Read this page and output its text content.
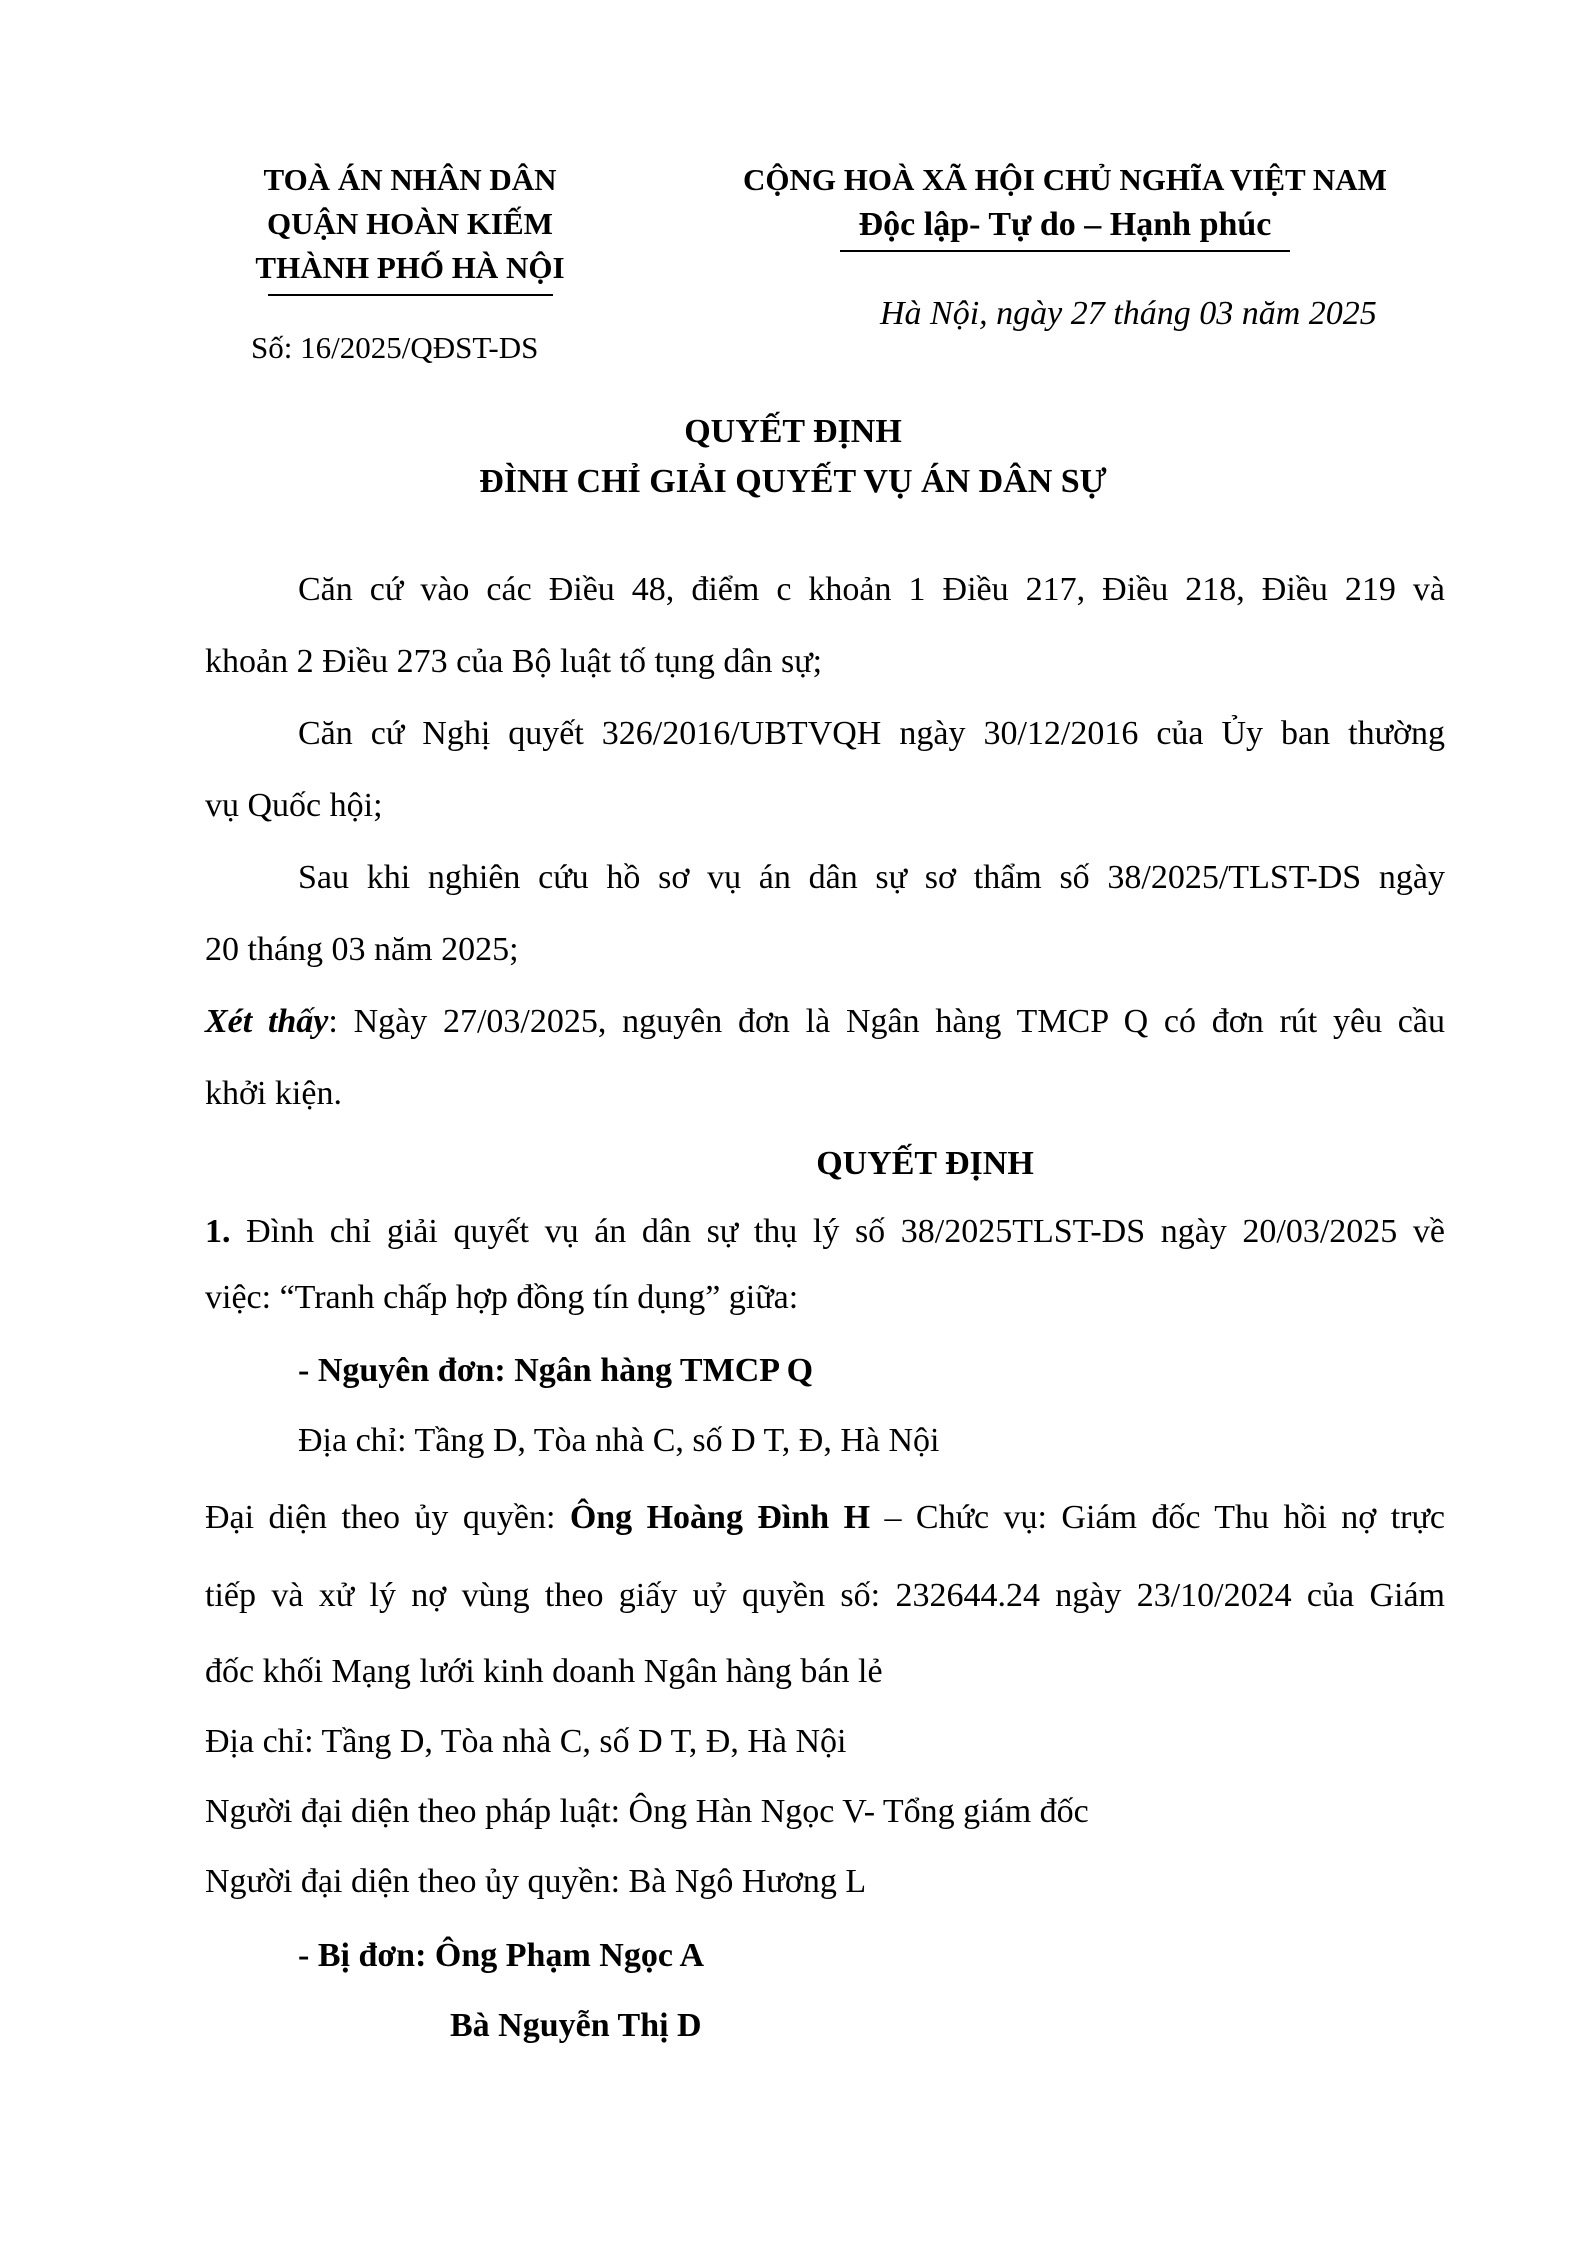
TOÀ ÁN NHÂN DÂN
QUẬN HOÀN KIẾM
THÀNH PHỐ HÀ NỘI
Số: 16/2025/QĐST-DS
CỘNG HOÀ XÃ HỘI CHỦ NGHĨA VIỆT NAM
Độc lập- Tự do – Hạnh phúc
Hà Nội, ngày 27 tháng 03 năm 2025
QUYẾT ĐỊNH
ĐÌNH CHỈ GIẢI QUYẾT VỤ ÁN DÂN SỰ
Căn cứ vào các Điều 48, điểm c khoản 1 Điều 217, Điều 218, Điều 219 và
khoản 2 Điều 273 của Bộ luật tố tụng dân sự;
Căn cứ Nghị quyết 326/2016/UBTVQH ngày 30/12/2016 của Ủy ban thường
vụ Quốc hội;
Sau khi nghiên cứu hồ sơ vụ án dân sự sơ thẩm số 38/2025/TLST-DS ngày
20 tháng 03 năm 2025;
Xét thấy: Ngày 27/03/2025, nguyên đơn là Ngân hàng TMCP Q có đơn rút yêu cầu
khởi kiện.
QUYẾT ĐỊNH
1. Đình chỉ giải quyết vụ án dân sự thụ lý số 38/2025TLST-DS ngày 20/03/2025 về
việc: “Tranh chấp hợp đồng tín dụng” giữa:
- Nguyên đơn: Ngân hàng TMCP Q
Địa chỉ: Tầng D, Tòa nhà C, số D T, Đ, Hà Nội
Đại diện theo ủy quyền: Ông Hoàng Đình H – Chức vụ: Giám đốc Thu hồi nợ trực
tiếp và xử lý nợ vùng theo giấy uỷ quyền số: 232644.24 ngày 23/10/2024 của Giám
đốc khối Mạng lưới kinh doanh Ngân hàng bán lẻ
Địa chỉ: Tầng D, Tòa nhà C, số D T, Đ, Hà Nội
Người đại diện theo pháp luật: Ông Hàn Ngọc V- Tổng giám đốc
Người đại diện theo ủy quyền: Bà Ngô Hương L
- Bị đơn: Ông Phạm Ngọc A
Bà Nguyễn Thị D
